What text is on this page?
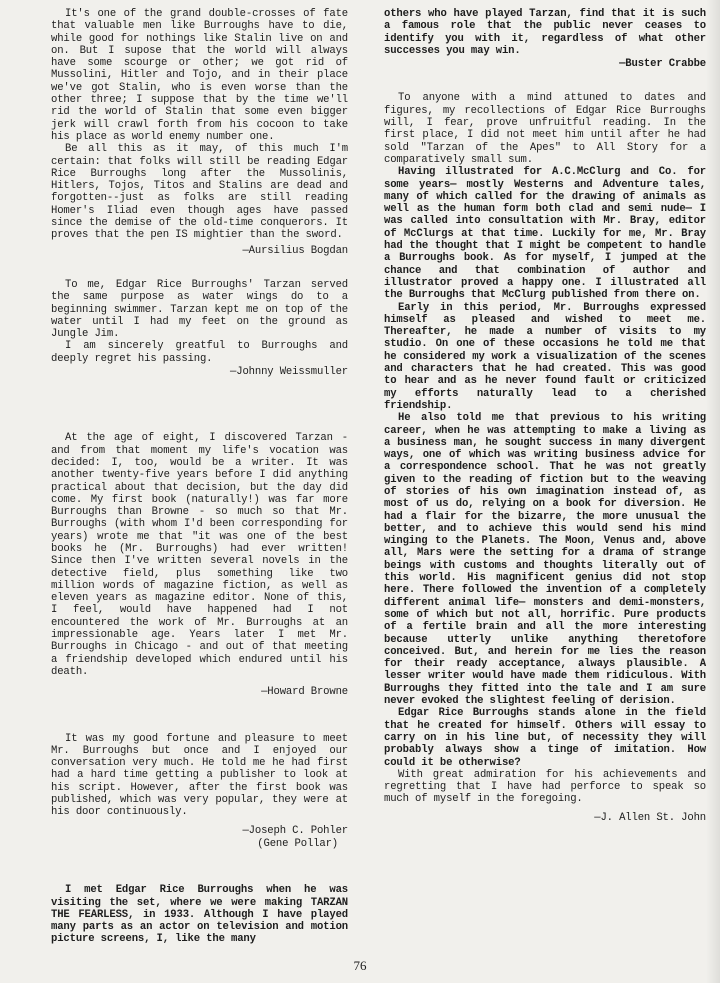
It's one of the grand double-crosses of fate that valuable men like Burroughs have to die, while good for nothings like Stalin live on and on. But I supose that the world will always have some scourge or other; we got rid of Mussolini, Hitler and Tojo, and in their place we've got Stalin, who is even worse than the other three; I suppose that by the time we'll rid the world of Stalin that some even bigger jerk will crawl forth from his cocoon to take his place as world enemy number one.

Be all this as it may, of this much I'm certain: that folks will still be reading Edgar Rice Burroughs long after the Mussolinis, Hitlers, Tojos, Titos and Stalins are dead and forgotten--just as folks are still reading Homer's Iliad even though ages have passed since the demise of the old-time conquerors. It proves that the pen IS mightier than the sword.

—Aursilius Bogdan

To me, Edgar Rice Burroughs' Tarzan served the same purpose as water wings do to a beginning swimmer. Tarzan kept me on top of the water until I had my feet on the ground as Jungle Jim.

I am sincerely greatful to Burroughs and deeply regret his passing.

—Johnny Weissmuller

At the age of eight, I discovered Tarzan - and from that moment my life's vocation was decided: I, too, would be a writer. It was another twenty-five years before I did anything practical about that decision, but the day did come. My first book (naturally!) was far more Burroughs than Browne - so much so that Mr. Burroughs (with whom I'd been corresponding for years) wrote me that "it was one of the best books he (Mr. Burroughs) had ever written! Since then I've written several novels in the detective field, plus something like two million words of magazine fiction, as well as eleven years as magazine editor. None of this, I feel, would have happened had I not encountered the work of Mr. Burroughs at an impressionable age. Years later I met Mr. Burroughs in Chicago - and out of that meeting a friendship developed which endured until his death.

—Howard Browne

It was my good fortune and pleasure to meet Mr. Burroughs but once and I enjoyed our conversation very much. He told me he had first had a hard time getting a publisher to look at his script. However, after the first book was published, which was very popular, they were at his door continuously.

—Joseph C. Pohler
(Gene Pollar)

I met Edgar Rice Burroughs when he was visiting the set, where we were making TARZAN THE FEARLESS, in 1933. Although I have played many parts as an actor on television and motion picture screens, I, like the many

others who have played Tarzan, find that it is such a famous role that the public never ceases to identify you with it, regardless of what other successes you may win.

—Buster Crabbe

To anyone with a mind attuned to dates and figures, my recollections of Edgar Rice Burroughs will, I fear, prove unfruitful reading. In the first place, I did not meet him until after he had sold "Tarzan of the Apes" to All Story for a comparatively small sum.

Having illustrated for A.C.McClurg and Co. for some years— mostly Westerns and Adventure tales, many of which called for the drawing of animals as well as the human form both clad and semi nude— I was called into consultation with Mr. Bray, editor of McClurgs at that time. Luckily for me, Mr. Bray had the thought that I might be competent to handle a Burroughs book. As for myself, I jumped at the chance and that combination of author and illustrator proved a happy one. I illustrated all the Burroughs that McClurg published from there on.

Early in this period, Mr. Burroughs expressed himself as pleased and wished to meet me. Thereafter, he made a number of visits to my studio. On one of these occasions he told me that he considered my work a visualization of the scenes and characters that he had created. This was good to hear and as he never found fault or criticized my efforts naturally lead to a cherished friendship.

He also told me that previous to his writing career, when he was attempting to make a living as a business man, he sought success in many divergent ways, one of which was writing business advice for a correspondence school. That he was not greatly given to the reading of fiction but to the weaving of stories of his own imagination instead of, as most of us do, relying on a book for diversion. He had a flair for the bizarre, the more unusual the better, and to achieve this would send his mind winging to the Planets. The Moon, Venus and, above all, Mars were the setting for a drama of strange beings with customs and thoughts literally out of this world. His magnificent genius did not stop here. There followed the invention of a completely different animal life— monsters and demi-monsters, some of which but not all, horrific. Pure products of a fertile brain and all the more interesting because utterly unlike anything theretofore conceived. But, and herein for me lies the reason for their ready acceptance, always plausible. A lesser writer would have made them ridiculous. With Burroughs they fitted into the tale and I am sure never evoked the slightest feeling of derision.

Edgar Rice Burroughs stands alone in the field that he created for himself. Others will essay to carry on in his line but, of necessity they will probably always show a tinge of imitation. How could it be otherwise?

With great admiration for his achievements and regretting that I have had perforce to speak so much of myself in the foregoing.

—J. Allen St. John
76
